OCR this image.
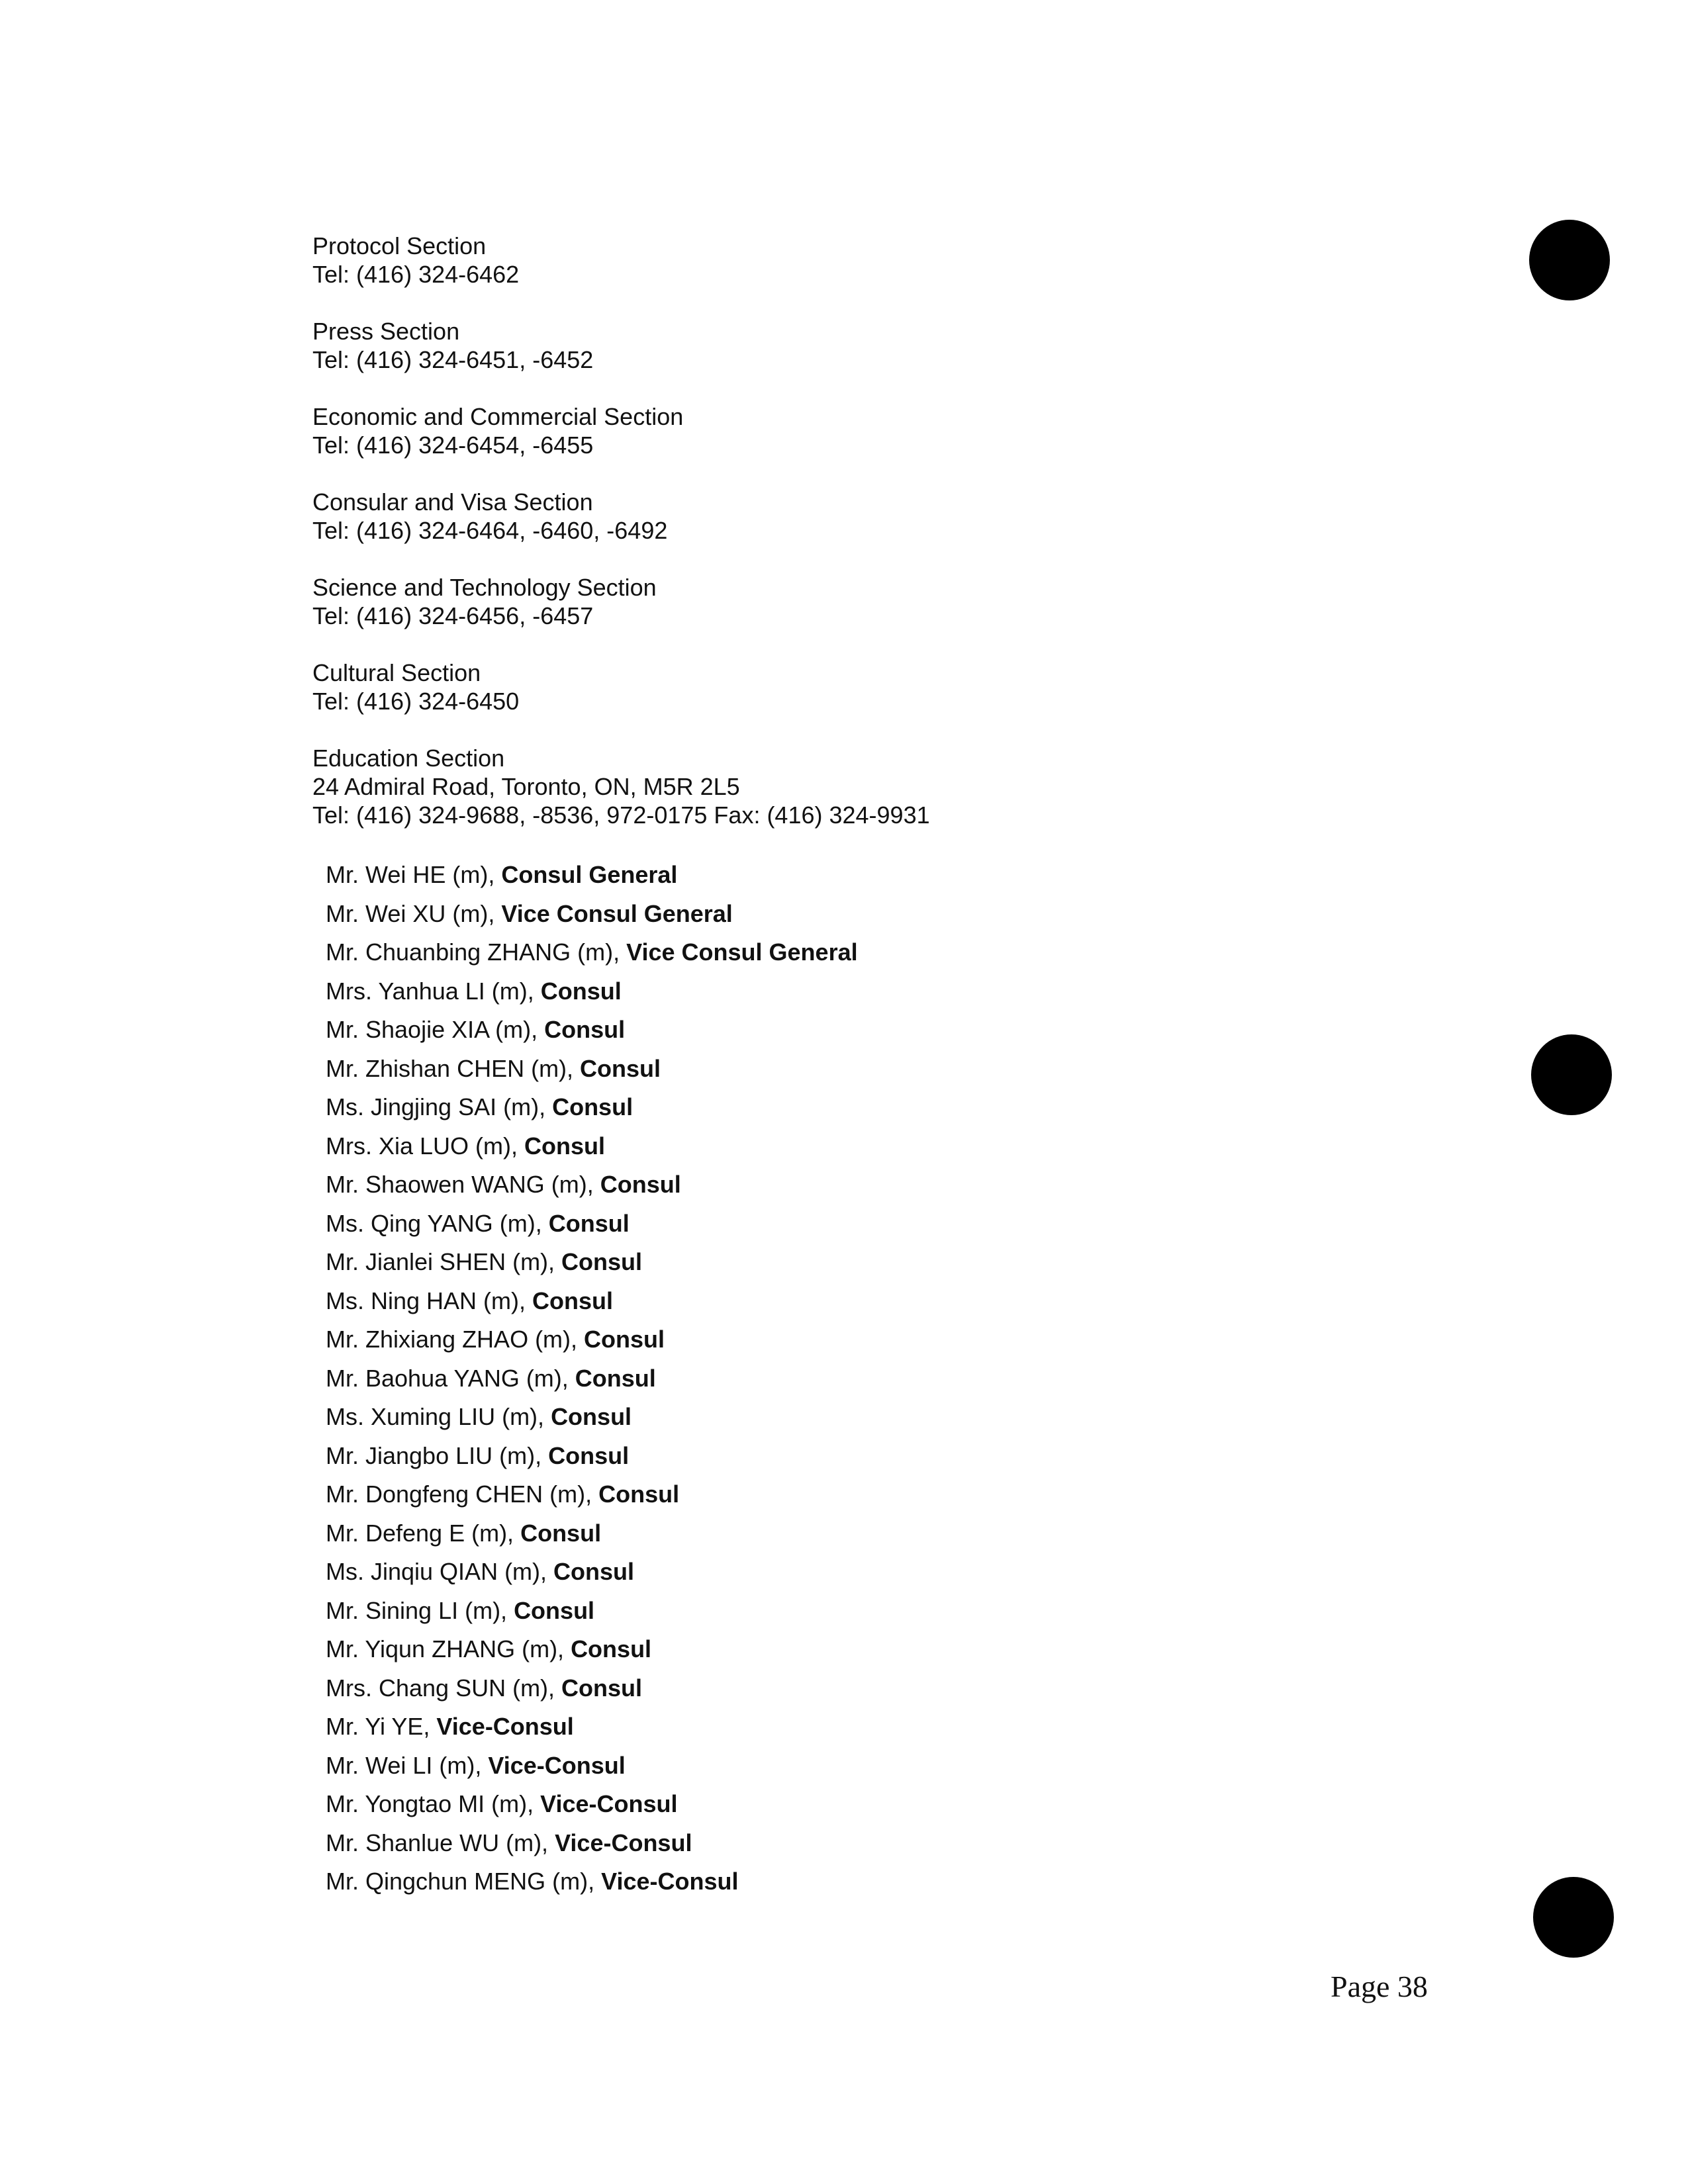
Protocol Section
Tel: (416) 324-6462
Press Section
Tel: (416) 324-6451, -6452
Economic and Commercial Section
Tel: (416) 324-6454, -6455
Consular and Visa Section
Tel: (416) 324-6464, -6460, -6492
Science and Technology Section
Tel: (416) 324-6456, -6457
Cultural Section
Tel: (416) 324-6450
Education Section
24 Admiral Road, Toronto, ON, M5R 2L5
Tel: (416) 324-9688, -8536, 972-0175 Fax: (416) 324-9931
Mr. Wei HE (m), Consul General
Mr. Wei XU (m), Vice Consul General
Mr. Chuanbing ZHANG (m), Vice Consul General
Mrs. Yanhua LI (m), Consul
Mr. Shaojie XIA (m), Consul
Mr. Zhishan CHEN (m), Consul
Ms. Jingjing SAI (m), Consul
Mrs. Xia LUO (m), Consul
Mr. Shaowen WANG (m), Consul
Ms. Qing YANG (m), Consul
Mr. Jianlei SHEN (m), Consul
Ms. Ning HAN (m), Consul
Mr. Zhixiang ZHAO (m), Consul
Mr. Baohua YANG (m), Consul
Ms. Xuming LIU (m), Consul
Mr. Jiangbo LIU (m), Consul
Mr. Dongfeng CHEN (m), Consul
Mr. Defeng E (m), Consul
Ms. Jinqiu QIAN (m), Consul
Mr. Sining LI (m), Consul
Mr. Yiqun ZHANG (m), Consul
Mrs. Chang SUN (m), Consul
Mr. Yi YE, Vice-Consul
Mr. Wei LI (m), Vice-Consul
Mr. Yongtao MI (m), Vice-Consul
Mr. Shanlue WU (m), Vice-Consul
Mr. Qingchun MENG (m), Vice-Consul
Page 38
